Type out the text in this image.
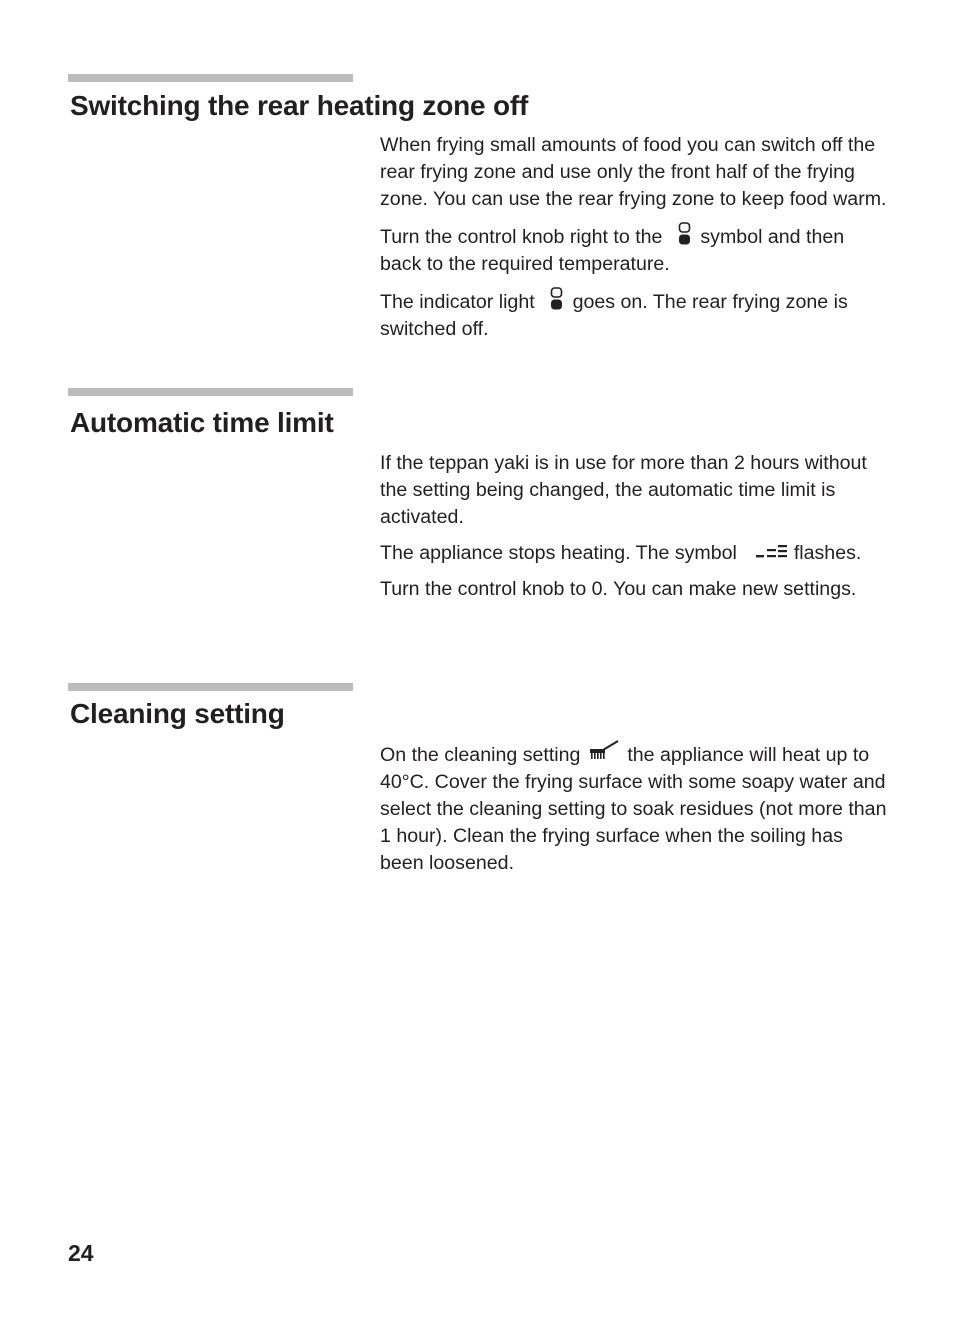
Switching the rear heating zone off

When frying small amounts of food you can switch off the rear frying zone and use only the front half of the frying zone. You can use the rear frying zone to keep food warm.

Turn the control knob right to the symbol and then back to the required temperature.

The indicator light goes on. The rear frying zone is switched off.

Automatic time limit

If the teppan yaki is in use for more than 2 hours without the setting being changed, the automatic time limit is activated.

The appliance stops heating. The symbol	flashes.

Turn the control knob to 0. You can make new settings.

Cleaning setting

On the cleaning setting the appliance will heat up to 40°C. Cover the frying surface with some soapy water and select the cleaning setting to soak residues (not more than 1 hour). Clean the frying surface when the soiling has been loosened.

24
